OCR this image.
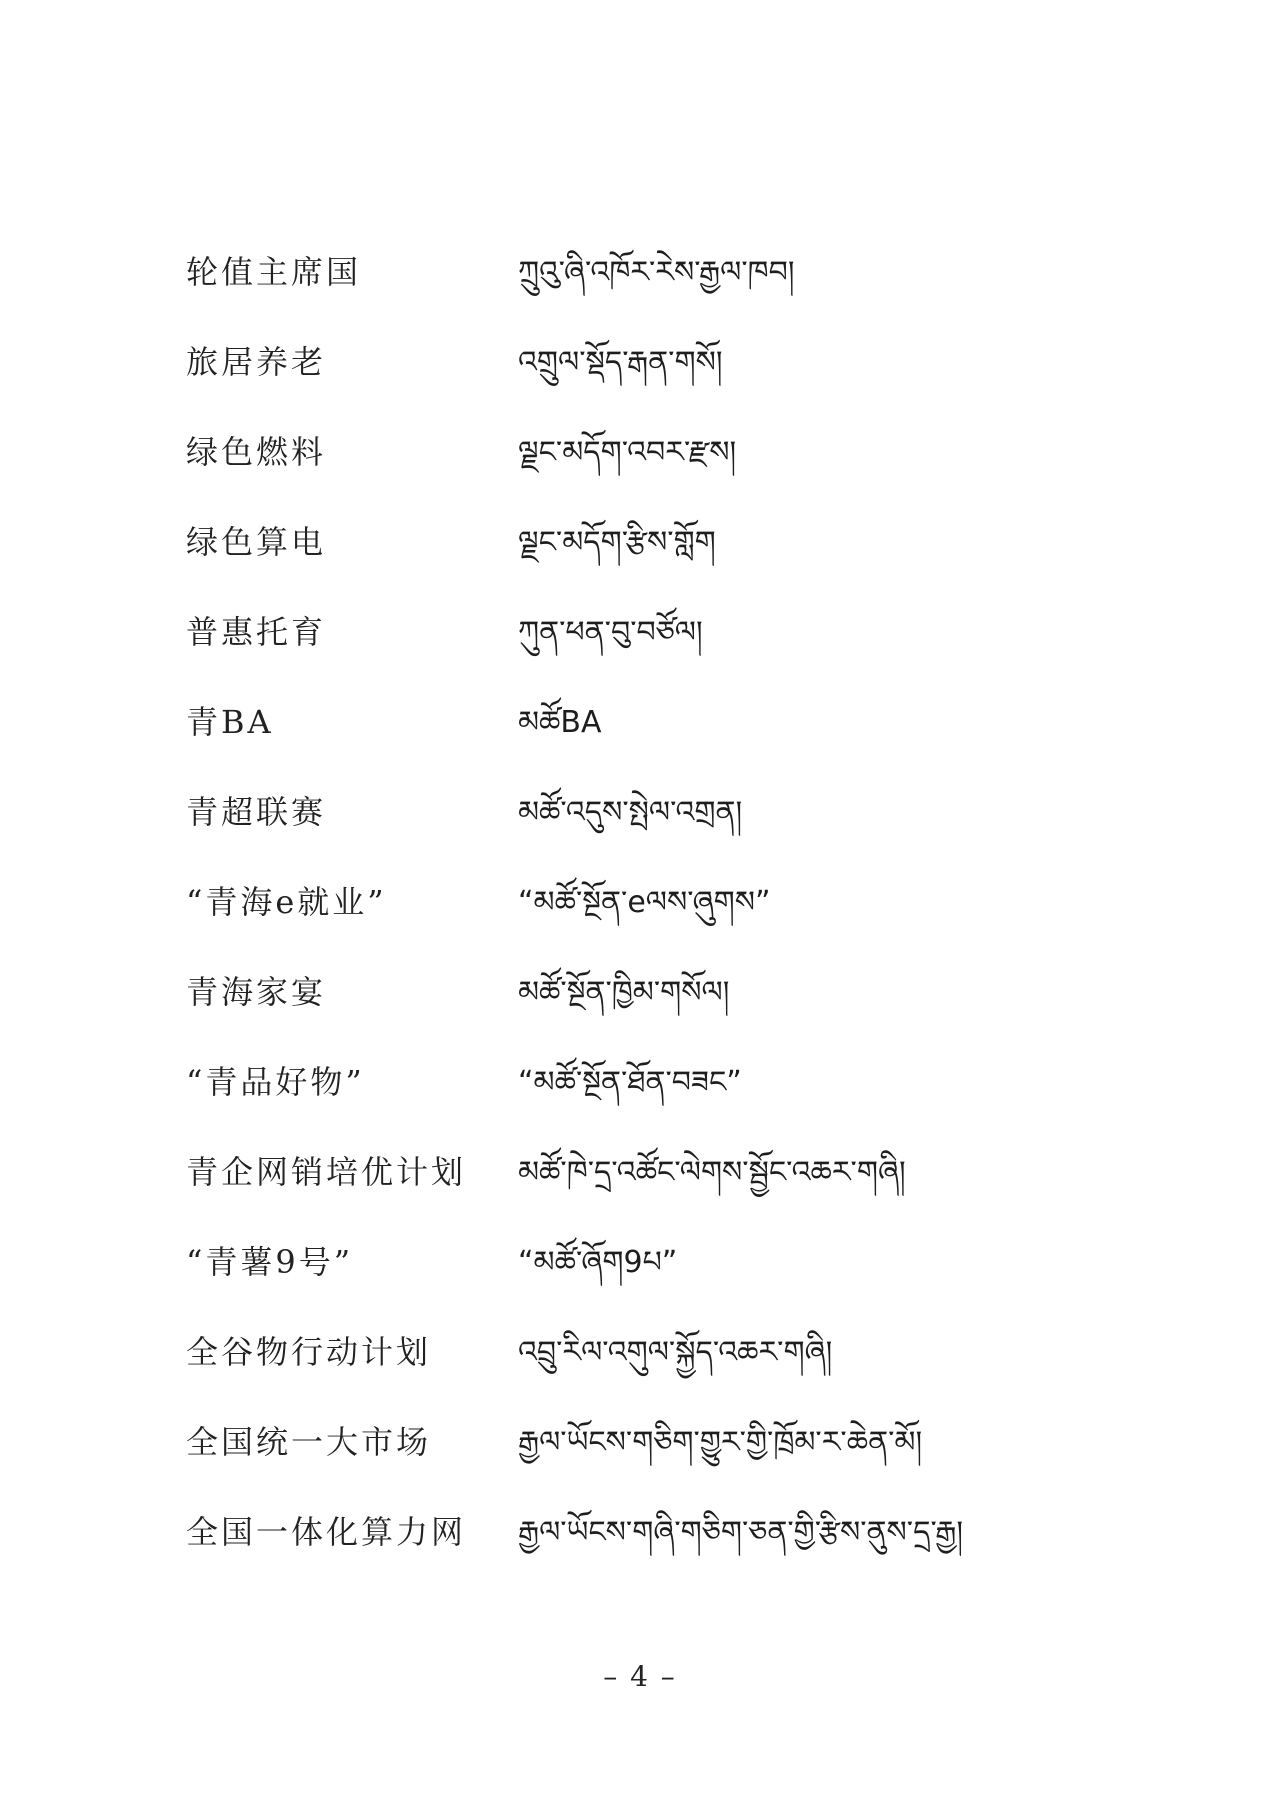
轮值主席国	ཀྲུའུ་ཞི་འཁོར་རེས་རྒྱལ་ཁབ།
旅居养老	འགྲུལ་སྡོད་རྒན་གསོ།
绿色燃料	ལྗང་མདོག་འབར་རྫས།
绿色算电	ལྗང་མདོག་རྩིས་གློག
普惠托育	ཀུན་ཕན་བུ་བཙོལ།
青BA	མཚོBA
青超联赛	མཚོ་འདུས་སྤེལ་འགྲན།
“青海e就业”	“མཚོ་སྔོན་eལས་ཞུགས”
青海家宴	མཚོ་སྔོན་ཁྱིམ་གསོལ།
“青品好物”	“མཚོ་སྔོན་ཐོན་བཟང”
青企网销培优计划 མཚོ་ཁེ་དྲ་འཚོང་ལེགས་སྦྱོང་འཆར་གཞི།
“青薯9号”	“མཚོ་ཞོག9པ”
全谷物行动计划	འབྲུ་རིལ་འགུལ་སྐྱོད་འཆར་གཞི།
全国统一大市场	རྒྱལ་ཡོངས་གཅིག་གྱུར་གྱི་ཁྲོམ་ར་ཆེན་མོ།
全国一体化算力网 རྒྱལ་ཡོངས་གཞི་གཅིག་ཅན་གྱི་རྩིས་ནུས་དྲ་རྒྱ།
– 4 –
